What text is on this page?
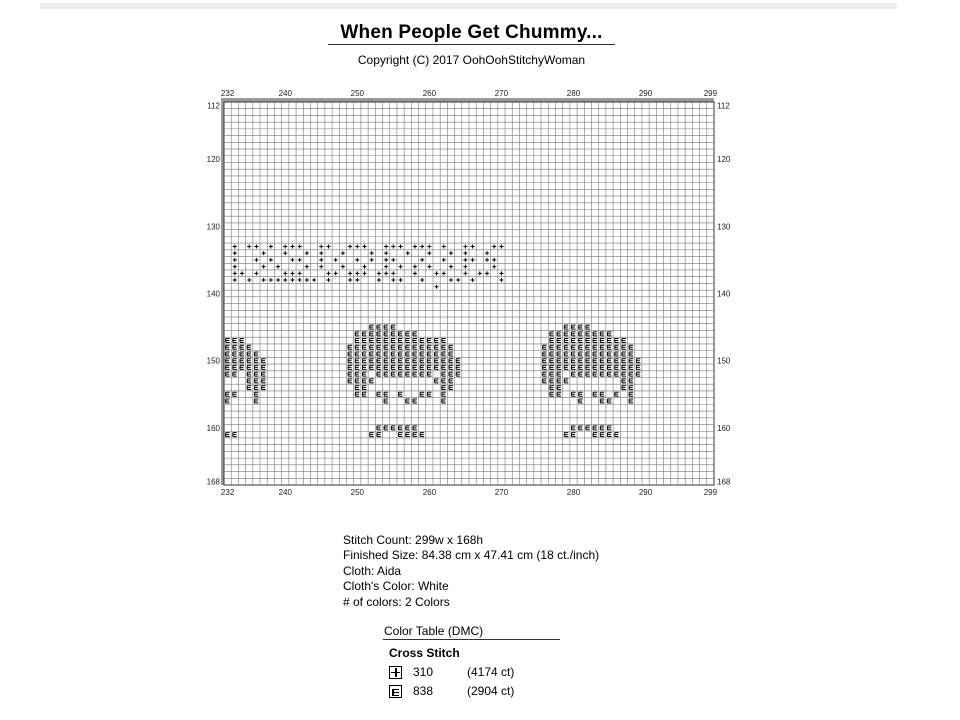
When People Get Chummy...
Copyright (C) 2017 OohOohStitchyWoman
232	240	250	260	270	280	290	299
232	240	250	260	270	280	290	299
112
120
130
140
150
160
168
112
120
130
140
150
160
168
Stitch Count: 299w x 168h
Finished Size: 84.38 cm x 47.41 cm (18 ct./inch)
Cloth: Aida
Cloth's Color: White
# of colors: 2 Colors
Color Table (DMC)
Cross Stitch
310	(4174 ct)
838	(2904 ct)
